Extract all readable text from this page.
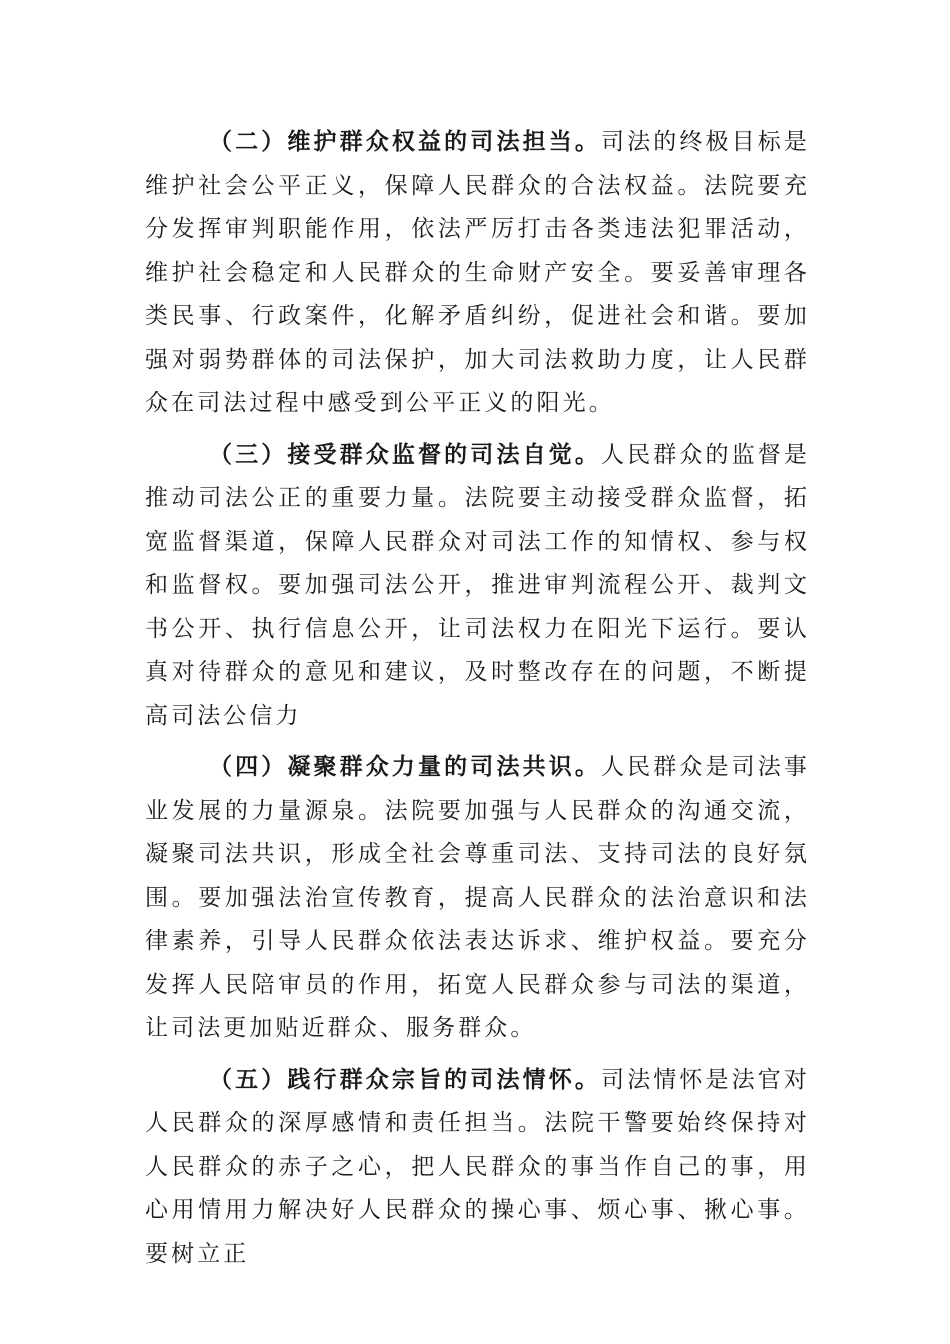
（二）维护群众权益的司法担当。司法的终极目标是维护社会公平正义，保障人民群众的合法权益。法院要充分发挥审判职能作用，依法严厉打击各类违法犯罪活动，维护社会稳定和人民群众的生命财产安全。要妥善审理各类民事、行政案件，化解矛盾纠纷，促进社会和谐。要加强对弱势群体的司法保护，加大司法救助力度，让人民群众在司法过程中感受到公平正义的阳光。

（三）接受群众监督的司法自觉。人民群众的监督是推动司法公正的重要力量。法院要主动接受群众监督，拓宽监督渠道，保障人民群众对司法工作的知情权、参与权和监督权。要加强司法公开，推进审判流程公开、裁判文书公开、执行信息公开，让司法权力在阳光下运行。要认真对待群众的意见和建议，及时整改存在的问题，不断提高司法公信力

（四）凝聚群众力量的司法共识。人民群众是司法事业发展的力量源泉。法院要加强与人民群众的沟通交流，凝聚司法共识，形成全社会尊重司法、支持司法的良好氛围。要加强法治宣传教育，提高人民群众的法治意识和法律素养，引导人民群众依法表达诉求、维护权益。要充分发挥人民陪审员的作用，拓宽人民群众参与司法的渠道，让司法更加贴近群众、服务群众。

（五）践行群众宗旨的司法情怀。司法情怀是法官对人民群众的深厚感情和责任担当。法院干警要始终保持对人民群众的赤子之心，把人民群众的事当作自己的事，用心用情用力解决好人民群众的操心事、烦心事、揪心事。要树立正
